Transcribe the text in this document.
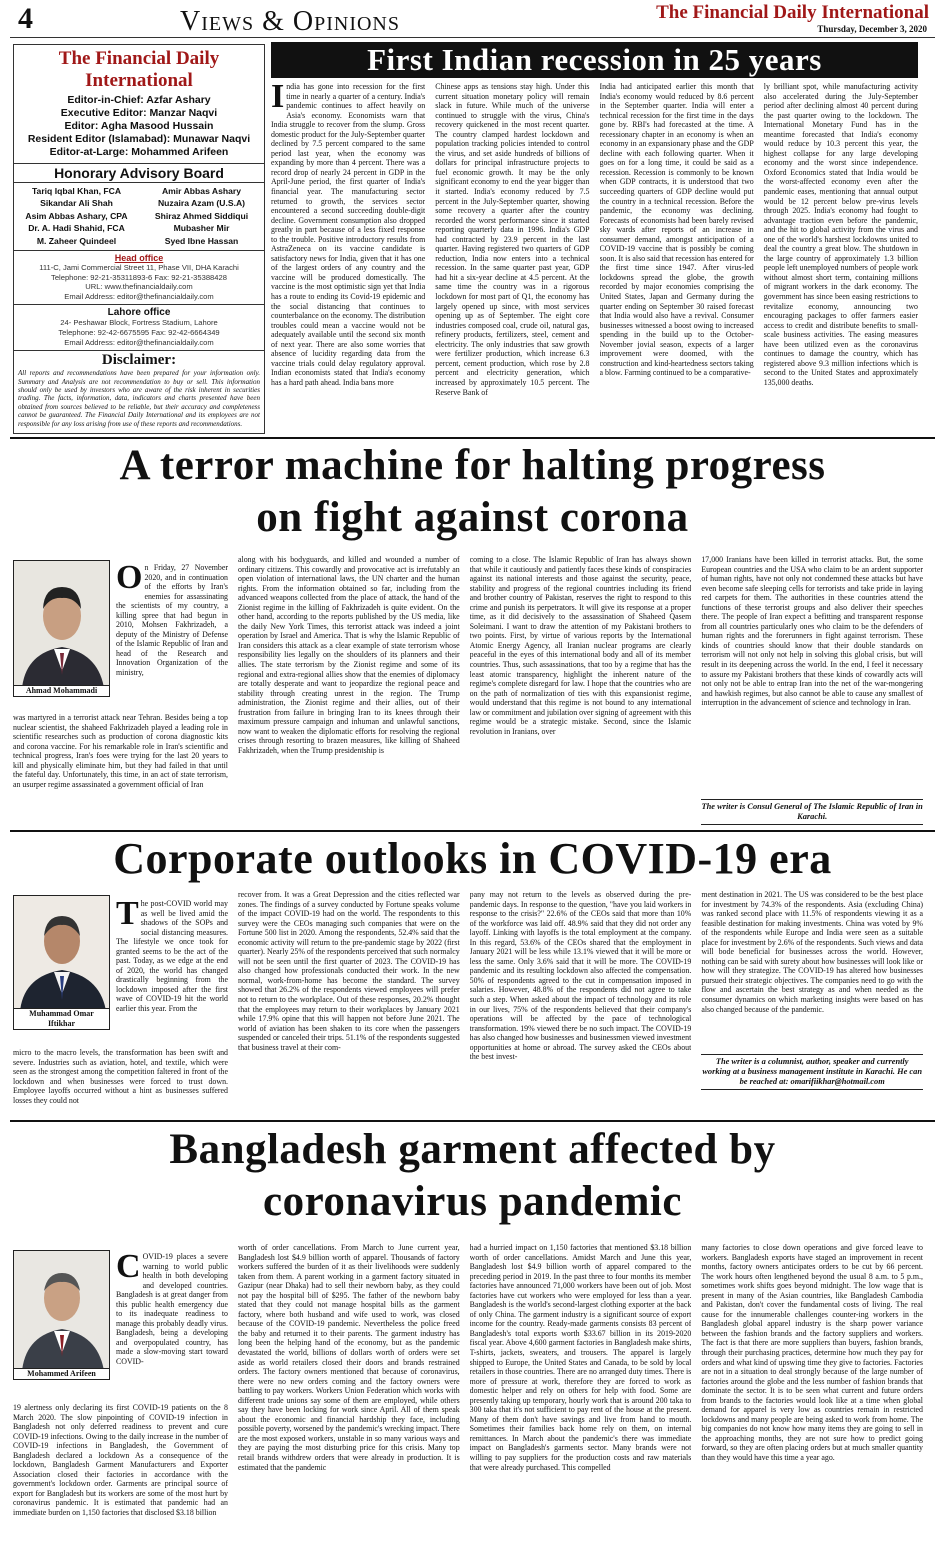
4	Views & Opinions	The Financial Daily International
Thursday, December 3, 2020
The Financial Daily International
Editor-in-Chief: Azfar Ashary
Executive Editor: Manzar Naqvi
Editor: Agha Masood Hussain
Resident Editor (Islamabad): Munawar Naqvi
Editor-at-Large: Mohammed Arifeen
Honorary Advisory Board
Tariq Iqbal Khan, FCA	Amir Abbas Ashary
Sikandar Ali Shah	Nuzaira Azam (U.S.A)
Asim Abbas Ashary, CPA	Shiraz Ahmed Siddiqui
Dr. A. Hadi Shahid, FCA	Mubasher Mir
M. Zaheer Quindeel	Syed Ibne Hassan
Head office
111-C, Jami Commercial Street 11, Phase VII, DHA Karachi
Telephone: 92-21-35311893-6 Fax: 92-21-35388428
URL: www.thefinancialdaily.com
Email Address: editor@thefinancialdaily.com
Lahore office
24- Peshawar Block, Fortress Stadium, Lahore
Telephone: 92-42-6675595 Fax: 92-42-6664349
Email Address: editor@thefinancialdaily.com
Disclaimer:
All reports and recommendations have been prepared for your information only. Summary and Analysis are not recommendation to buy or sell. This information should only be used by investors who are aware of the risk inherent in securities trading. The facts, information, data, indicators and charts presented have been obtained from sources believed to be reliable, but their accuracy and completeness cannot be guaranteed. The Financial Daily International and its employees are not responsible for any loss arising from use of these reports and recommendations.
First Indian recession in 25 years
India has gone into recession for the first time in nearly a quarter of a century. India's pandemic continues to affect heavily on Asia's economy. Economists warn that India struggle to recover from the slump. Gross domestic product for the July-September quarter declined by 7.5 percent compared to the same period last year, when the economy was expanding by more than 4 percent. There was a record drop of nearly 24 percent in GDP in the April-June period, the first quarter of India's financial year. The manufacturing sector returned to growth, the services sector encountered a second succeeding double-digit decline. Government consumption also dropped greatly in part because of a less fixed response to the trouble. Positive introductory results from AstraZeneca on its vaccine candidate is satisfactory news for India, given that it has one of the largest orders of any country and the vaccine will be produced domestically. The vaccine is the most optimistic sign yet that India has a route to ending its Covid-19 epidemic and the social distancing that continues to counterbalance on the economy. The distribution troubles could mean a vaccine would not be adequately available until the second six month of next year. There are also some worries that absence of lucidity regarding data from the vaccine trials could delay regulatory approval. Indian economists stated that India's economy has a hard path ahead. India bans more
Chinese apps as tensions stay high. Under this current situation monetary policy will remain slack in future. While much of the universe continued to struggle with the virus, China's recovery quickened in the most recent quarter. The country clamped hardest lockdown and population tracking policies intended to control the virus, and set aside hundreds of billions of dollars for principal infrastructure projects to fuel economic growth. It may be the only significant economy to end the year bigger than it started. India's economy reduced by 7.5 percent in the July-September quarter, showing some recovery a quarter after the country recorded the worst performance since it started reporting quarterly data in 1996. India's GDP had contracted by 23.9 percent in the last quarter. Having registered two quarters of GDP reduction, India now enters into a technical recession. In the same quarter past year, GDP had hit a six-year decline at 4.5 percent. At the same time the country was in a rigorous lockdown for most part of Q1, the economy has largely opened up since, with most services opening up as of September. The eight core industries composed coal, crude oil, natural gas, refinery products, fertilizers, steel, cement and electricity. The only industries that saw growth were fertilizer production, which increase 6.3 percent, cement production, which rose by 2.8 percent and electricity generation, which increased by approximately 10.5 percent. The Reserve Bank of
India had anticipated earlier this month that India's economy would reduced by 8.6 percent in the September quarter. India will enter a technical recession for the first time in the days gone by. RBI's had forecasted at the time. A recessionary chapter in an economy is when an economy in an expansionary phase and the GDP decline with each following quarter. When it goes on for a long time, it could be said as a recession. Recession is commonly to be known when GDP contracts, it is understood that two succeeding quarters of GDP decline would put the country in a technical recession. Before the pandemic, the economy was declining. Forecasts of economists had been barely revised sky wards after reports of an increase in consumer demand, amongst anticipation of a COVID-19 vaccine that is possibly be coming soon. It is also said that recession has entered for the first time since 1947. After virus-led lockdowns spread the globe, the growth recorded by major economies comprising the United States, Japan and Germany during the quarter ending on September 30 raised forecast that India would also have a revival. Consumer businesses witnessed a boost owing to increased spending in the build up to the October-November jovial season, expects of a larger improvement were doomed, with the construction and kind-heartedness sectors taking a blow. Farming continued to be a comparative-
ly brilliant spot, while manufacturing activity also accelerated during the July-September period after declining almost 40 percent during the past quarter owing to the lockdown. The International Monetary Fund has in the meantime forecasted that India's economy would reduce by 10.3 percent this year, the highest collapse for any large developing economy and the worst since independence. Oxford Economics stated that India would be the worst-affected economy even after the pandemic eases, mentioning that annual output would be 12 percent below pre-virus levels through 2025. India's economy had fought to advantage traction even before the pandemic, and the hit to global activity from the virus and one of the world's harshest lockdowns united to deal the country a great blow. The shutdown in the large country of approximately 1.3 billion people left unemployed numbers of people work without almost short term, containing millions of migrant workers in the dark economy. The government has since been easing restrictions to revitalize economy, announcing two encouraging packages to offer farmers easier access to credit and distribute benefits to small-scale business activities. The easing measures have been utilized even as the coronavirus continues to damage the country, which has registered above 9.3 million infections which is second to the United States and approximately 135,000 deaths.
A terror machine for halting progress
on fight against corona
Ahmad Mohammadi
On Friday, 27 November 2020, and in continuation of the efforts by Iran's enemies for assassinating the scientists of my country, a killing spree that had begun in 2010, Mohsen Fakhrizadeh, a deputy of the Ministry of Defense of the Islamic Republic of Iran and head of the Research and Innovation Organization of the ministry,
was martyred in a terrorist attack near Tehran. Besides being a top nuclear scientist, the shaheed Fakhrizadeh played a leading role in scientific researches such as production of corona diagnostic kits and corona vaccine. For his remarkable role in Iran's scientific and technical progress, Iran's foes were trying for the last 20 years to kill and physically eliminate him, but they had failed in that until the fateful day. Unfortunately, this time, in an act of state terrorism, an usurper regime assassinated a government official of Iran
along with his bodyguards, and killed and wounded a number of ordinary citizens. This cowardly and provocative act is irrefutably an open violation of international laws, the UN charter and the human rights. From the information obtained so far, including from the advanced weapons collected from the place of attack, the hand of the Zionist regime in the killing of Fakhrizadeh is quite evident. On the other hand, according to the reports published by the US media, like the daily New York Times, this terrorist attack was indeed a joint operation by Israel and America. That is why the Islamic Republic of Iran considers this attack as a clear example of state terrorism whose responsibility lies legally on the shoulders of its planners and their allies. The state terrorism by the Zionist regime and some of its regional and extra-regional allies show that the enemies of diplomacy are totally desperate and want to jeopardize the regional peace and stability through creating unrest in the region. The Trump administration, the Zionist regime and their allies, out of their frustration from failure in bringing Iran to its knees through their maximum pressure campaign and inhuman and unlawful sanctions, now want to weaken the diplomatic efforts for resolving the regional crises through resorting to brazen measures, like killing of Shaheed Fakhrizadeh, when the Trump presidentship is
coming to a close. The Islamic Republic of Iran has always shown that while it cautiously and patiently faces these kinds of conspiracies against its national interests and those against the security, peace, stability and progress of the regional countries including its friend and brother country of Pakistan, reserves the right to respond to this crime and punish its perpetrators. It will give its response at a proper time, as it did decisively to the assassination of Shaheed Qasem Soleimani. I want to draw the attention of my Pakistani brothers to two points. First, by virtue of various reports by the International Atomic Energy Agency, all Iranian nuclear programs are clearly peaceful in the eyes of this international body and all of its member countries. Thus, such assassinations, that too by a regime that has the least atomic transparency, highlight the inherent nature of the regime's complete disregard for law. I hope that the countries who are on the path of normalization of ties with this expansionist regime, would understand that this regime is not bound to any international law or commitment and jubilation over signing of agreement with this regime would be a strategic mistake. Second, since the Islamic revolution in Iranians, over
17,000 Iranians have been killed in terrorist attacks. But, the some European countries and the USA who claim to be an ardent supporter of human rights, have not only not condemned these attacks but have even become safe sleeping cells for terrorists and take pride in laying red carpets for them. The authorities in these countries attend the functions of these terrorist groups and also deliver their speeches there. The people of Iran expect a befitting and transparent response from all countries particularly ones who claim to be the defenders of human rights and the forerunners in fight against terrorism. These kinds of countries should know that their double standards on terrorism will not only not help in solving this global crisis, but will result in its deepening across the world. In the end, I feel it necessary to assure my Pakistani brothers that these kinds of cowardly acts will not only not be able to entrap Iran into the net of the war-mongering and hawkish regimes, but also cannot be able to cause any smallest of interruption in the advancement of science and technology in Iran.
The writer is Consul General of The Islamic Republic of Iran in Karachi.
Corporate outlooks in COVID-19 era
Muhammad Omar
Iftikhar
The post-COVID world may as well be lived amid the shadows of the SOPs and social distancing measures. The lifestyle we once took for granted seems to be the act of the past. Today, as we edge at the end of 2020, the world has changed drastically beginning from the lockdown imposed after the first wave of COVID-19 hit the world earlier this year. From the
micro to the macro levels, the transformation has been swift and severe. Industries such as aviation, hotel, and textile, which were seen as the strongest among the competition faltered in front of the lockdown and when businesses were forced to trust down. Employee layoffs occurred without a hint as businesses suffered losses they could not
recover from. It was a Great Depression and the cities reflected war zones. The findings of a survey conducted by Fortune speaks volume of the impact COVID-19 had on the world. The respondents to this survey were the CEOs managing such companies that were on the Fortune 500 list in 2020. Among the respondents, 52.4% said that the economic activity will return to the pre-pandemic stage by 2022 (first quarter). Nearly 25% of the respondents perceived that such normalcy will not be seen until the first quarter of 2023. The COVID-19 has also changed how professionals conducted their work. In the new normal, work-from-home has become the standard. The survey showed that 26.2% of the respondents viewed employees will prefer not to return to the workplace. Out of these responses, 20.2% thought that the employees may return to their workplaces by January 2021 while 17.9% opine that this will happen not before June 2021. The world of aviation has been shaken to its core when the passengers suspended or canceled their trips. 51.1% of the respondents suggested that business travel at their com-
pany may not return to the levels as observed during the pre-pandemic days. In response to the question, "have you laid workers in response to the crisis?" 22.6% of the CEOs said that more than 10% of the workforce was laid off. 48.9% said that they did not order any layoff. Linking with layoffs is the total employment at the company. In this regard, 53.6% of the CEOs shared that the employment in January 2021 will be less while 13.1% viewed that it will be more or less the same. Only 3.6% said that it will be more. The COVID-19 pandemic and its resulting lockdown also affected the compensation. 50% of respondents agreed to the cut in compensation imposed in salaries. However, 48.8% of the respondents did not agree to take such a step. When asked about the impact of technology and its role in our lives, 75% of the respondents believed that their company's operations will be affected by the pace of technological transformation. 19% viewed there be no such impact. The COVID-19 has also changed how businesses and businessmen viewed investment opportunities at home or abroad. The survey asked the CEOs about the best invest-
ment destination in 2021. The US was considered to be the best place for investment by 74.3% of the respondents. Asia (excluding China) was ranked second place with 11.5% of respondents viewing it as a feasible destination for making investments. China was voted by 9% of the respondents while Europe and India were seen as a suitable place for investment by 2.6% of the respondents. Such views and data will bode beneficial for businesses across the world. However, nothing can be said with surety about how businesses will look like or how will they strategize. The COVID-19 has altered how businesses pursued their strategic objectives. The companies need to go with the flow and ascertain the best strategy as and when needed as the consumer dynamics on which marketing insights were based on has also changed because of the pandemic.
The writer is a columnist, author, speaker and currently working at a business management institute in Karachi. He can be reached at: omarifiikhar@hotmail.com
Bangladesh garment affected by
coronavirus pandemic
Mohammed Arifeen
COVID-19 places a severe warning to world public health in both developing and developed countries. Bangladesh is at great danger from this public health emergency due to its inadequate readiness to manage this probably deadly virus. Bangladesh, being a developing and overpopulated country, has made a slow-moving start toward COVID-
19 alertness only declaring its first COVID-19 patients on the 8 March 2020. The slow pinpointing of COVID-19 infection in Bangladesh not only deferred readiness to prevent and cure COVID-19 infections. Owing to the daily increase in the number of COVID-19 infections in Bangladesh, the Government of Bangladesh declared a lockdown As a consequence of the lockdown, Bangladesh Garment Manufacturers and Exporter Association closed their factories in accordance with the government's lockdown order. Garments are principal source of export for Bangladesh but its workers are some of the most hurt by coronavirus pandemic. It is estimated that pandemic had an immediate burden on 1,150 factories that disclosed $3.18 billion
worth of order cancellations. From March to June current year, Bangladesh lost $4.9 billion worth of apparel. Thousands of factory workers suffered the burden of it as their livelihoods were suddenly taken from them. A parent working in a garment factory situated in Gazipur (near Dhaka) had to sell their newborn baby, as they could not pay the hospital bill of $295. The father of the newborn baby stated that they could not manage hospital bills as the garment factory, where both husband and wife used to work, was closed because of the COVID-19 pandemic. Nevertheless the police freed the baby and returned it to their parents. The garment industry has long been the helping hand of the economy, but as the pandemic devastated the world, billions of dollars worth of orders were set aside as world retailers closed their doors and brands restrained orders. The factory owners mentioned that because of coronavirus, there were no new orders coming and the factory owners were battling to pay workers. Workers Union Federation which works with different trade unions say some of them are employed, while others say they have been locking for work since April. All of them speak about the economic and financial hardship they face, including possible poverty, worsened by the pandemic's wrecking impact. There are the most exposed workers, unstable in so many various ways and they are paying the most disturbing price for this crisis. Many top retail brands withdrew orders that were already in production. It is estimated that the pandemic
had a hurried impact on 1,150 factories that mentioned $3.18 billion worth of order cancellations. Amidst March and June this year, Bangladesh lost $4.9 billion worth of apparel compared to the preceding period in 2019. In the past three to four months its member factories have announced 71,000 workers have been out of job. Most factories have cut workers who were employed for less than a year. Bangladesh is the world's second-largest clothing exporter at the back of only China. The garment industry is a significant source of export income for the country. Ready-made garments consists 83 percent of Bangladesh's total exports worth $33.67 billion in its 2019-2020 fiscal year. Above 4,600 garment factories in Bangladesh make shirts, T-shirts, jackets, sweaters, and trousers. The apparel is largely shipped to Europe, the United States and Canada, to be sold by local retailers in those countries. There are no arranged duty times. There is more of pressure at work, therefore they are forced to work as domestic helper and rely on others for help with food. Some are presently taking up temporary, hourly work that is around 200 taka to 300 taka that it's not sufficient to pay rent of the house at the present. Many of them don't have savings and live from hand to mouth. Sometimes their families back home rely on them, on internal remittances. In March about the pandemic's there was immediate impact on Bangladesh's garments sector. Many brands were not willing to pay suppliers for the production costs and raw materials that were already purchased. This compelled
many factories to close down operations and give forced leave to workers. Bangladesh exports have staged an improvement in recent months, factory owners anticipates orders to be cut by 66 percent. The work hours often lengthened beyond the usual 8 a.m. to 5 p.m., sometimes work shifts goes beyond midnight. The low wage that is present in many of the Asian countries, like Bangladesh Cambodia and Pakistan, don't cover the fundamental costs of living. The real cause for the innumerable challenges counter-ing workers in the Bangladesh global apparel industry is the sharp power variance between the fashion brands and the factory suppliers and workers. The fact is that there are more suppliers than buyers, fashion brands, through their purchasing practices, determine how much they pay for orders and what kind of upswing time they give to factories. Factories are not in a situation to deal strongly because of the large number of factories around the globe and the less number of fashion brands that dominate the sector. It is to be seen what current and future orders from brands to the factories would look like at a time when global demand for apparel is very low as countries remain in restricted lockdowns and many people are being asked to work from home. The big companies do not know how many items they are going to sell in the approaching months, they are not sure how to predict going forward, so they are often placing orders but at much smaller quantity than they would have this time a year ago.
